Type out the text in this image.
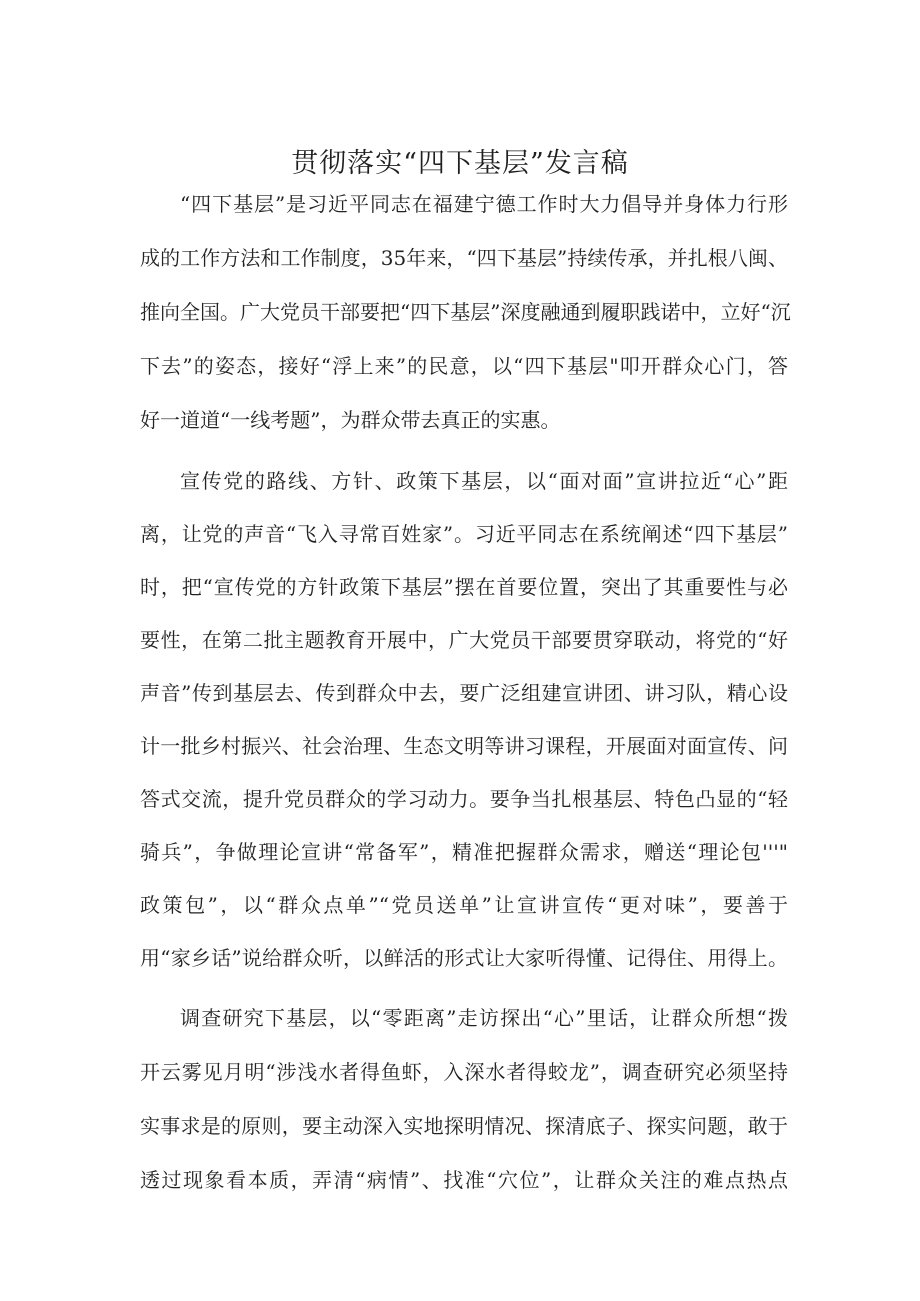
贯彻落实“四下基层”发言稿
“四下基层”是习近平同志在福建宁德工作时大力倡导并身体力行形
成的工作方法和工作制度，35年来，“四下基层”持续传承，并扎根八闽、
推向全国。广大党员干部要把“四下基层”深度融通到履职践诺中，立好“沉
下去”的姿态，接好“浮上来”的民意，以“四下基层"叩开群众心门，答
好一道道“一线考题”，为群众带去真正的实惠。
宣传党的路线、方针、政策下基层，以“面对面”宣讲拉近“心”距
离，让党的声音“飞入寻常百姓家”。习近平同志在系统阐述“四下基层”
时，把“宣传党的方针政策下基层”摆在首要位置，突出了其重要性与必
要性，在第二批主题教育开展中，广大党员干部要贯穿联动，将党的“好
声音”传到基层去、传到群众中去，要广泛组建宣讲团、讲习队，精心设
计一批乡村振兴、社会治理、生态文明等讲习课程，开展面对面宣传、问
答式交流，提升党员群众的学习动力。要争当扎根基层、特色凸显的“轻
骑兵”，争做理论宣讲“常备军”，精准把握群众需求，赠送“理论包'''"
政策包”，以“群众点单”“党员送单”让宣讲宣传“更对味”，要善于
用“家乡话”说给群众听，以鲜活的形式让大家听得懂、记得住、用得上。
调查研究下基层，以“零距离”走访探出“心”里话，让群众所想“拨
开云雾见月明“涉浅水者得鱼虾，入深水者得蛟龙”，调查研究必须坚持
实事求是的原则，要主动深入实地探明情况、探清底子、探实问题，敢于
透过现象看本质，弄清“病情”、找准“穴位”，让群众关注的难点热点
